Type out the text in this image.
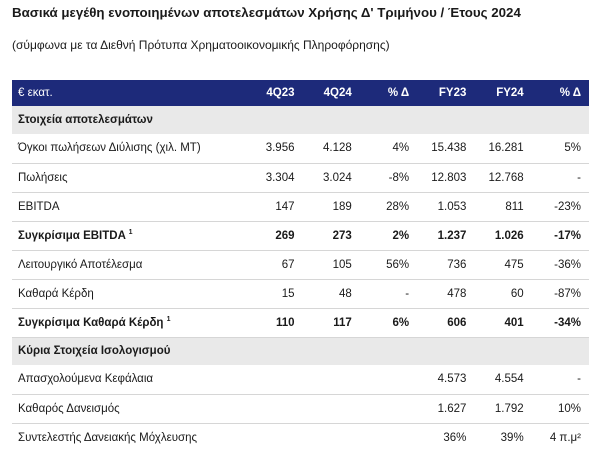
Βασικά μεγέθη ενοποιημένων αποτελεσμάτων Χρήσης Δ' Τριμήνου / Έτους 2024
(σύμφωνα με τα Διεθνή Πρότυπα Χρηματοοικονομικής Πληροφόρησης)
€ εκατ.	4Q23	4Q24	% Δ	FY23	FY24	% Δ
Στοιχεία αποτελεσμάτων						
Όγκοι πωλήσεων Διύλισης (χιλ. ΜΤ)	3.956	4.128	4%	15.438	16.281	5%
Πωλήσεις	3.304	3.024	-8%	12.803	12.768	-
EBITDA	147	189	28%	1.053	811	-23%
Συγκρίσιμα EBITDA $^1$	269	273	2%	1.237	1.026	-17%
Λειτουργικό Αποτέλεσμα	67	105	56%	736	475	-36%
Καθαρά Κέρδη	15	48	-	478	60	-87%
Συγκρίσιμα Καθαρά Κέρδη $^1$	110	117	6%	606	401	-34%
Κύρια Στοιχεία Ισολογισμού						
Απασχολούμενα Κεφάλαια				4.573	4.554	-
Καθαρός Δανεισμός				1.627	1.792	10%
Συντελεστής Δανειακής Μόχλευσης				36%	39%	4 π.μ²
